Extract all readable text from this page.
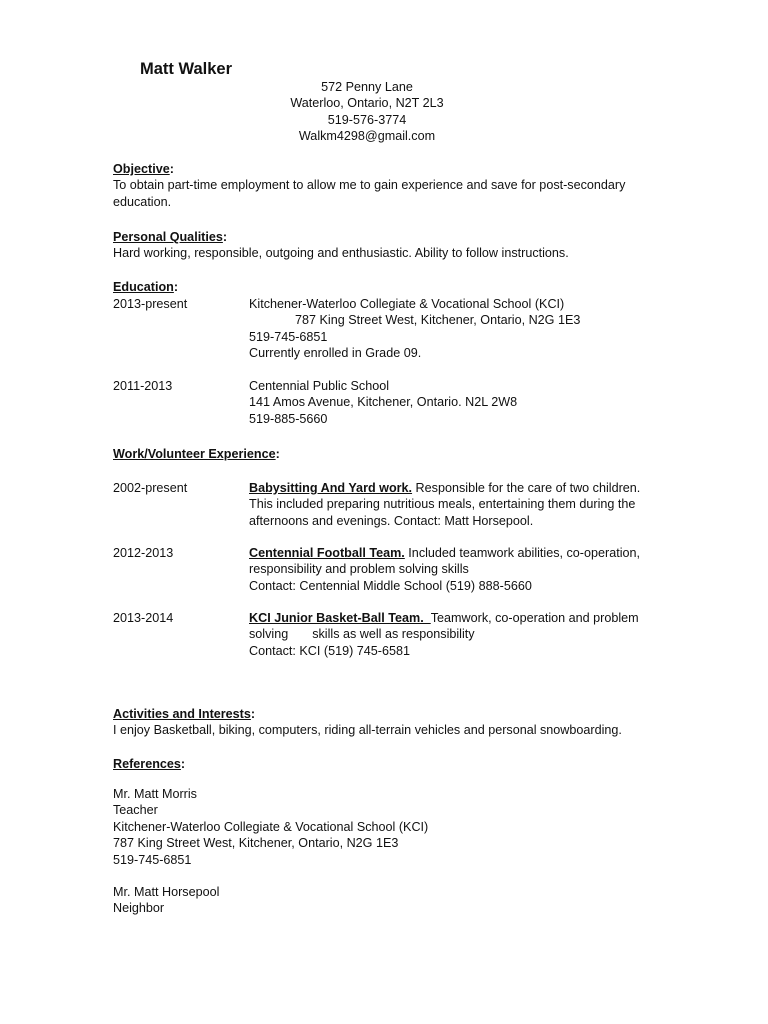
Matt Walker
572 Penny Lane
Waterloo, Ontario, N2T 2L3
519-576-3774
Walkm4298@gmail.com
Objective:
To obtain part-time employment to allow me to gain experience and save for post-secondary education.
Personal Qualities:
Hard working, responsible, outgoing and enthusiastic. Ability to follow instructions.
Education:
2013-present	Kitchener-Waterloo Collegiate & Vocational School (KCI)
787 King Street West, Kitchener, Ontario, N2G 1E3
519-745-6851
Currently enrolled in Grade 09.
2011-2013	Centennial Public School
141 Amos Avenue, Kitchener, Ontario. N2L 2W8
519-885-5660
Work/Volunteer Experience:
2002-present	Babysitting And Yard work. Responsible for the care of two children.
This included preparing nutritious meals, entertaining them during the
afternoons and evenings. Contact: Matt Horsepool.
2012-2013	Centennial Football Team. Included teamwork abilities, co-operation,
responsibility and problem solving skills
Contact: Centennial Middle School (519) 888-5660
2013-2014	KCI Junior Basket-Ball Team.  Teamwork, co-operation and problem
solving skills as well as responsibility
Contact: KCI (519) 745-6581
Activities and Interests:
I enjoy Basketball, biking, computers, riding all-terrain vehicles and personal snowboarding.
References:
Mr. Matt Morris
Teacher
Kitchener-Waterloo Collegiate & Vocational School (KCI)
787 King Street West, Kitchener, Ontario, N2G 1E3
519-745-6851
Mr. Matt Horsepool
Neighbor
